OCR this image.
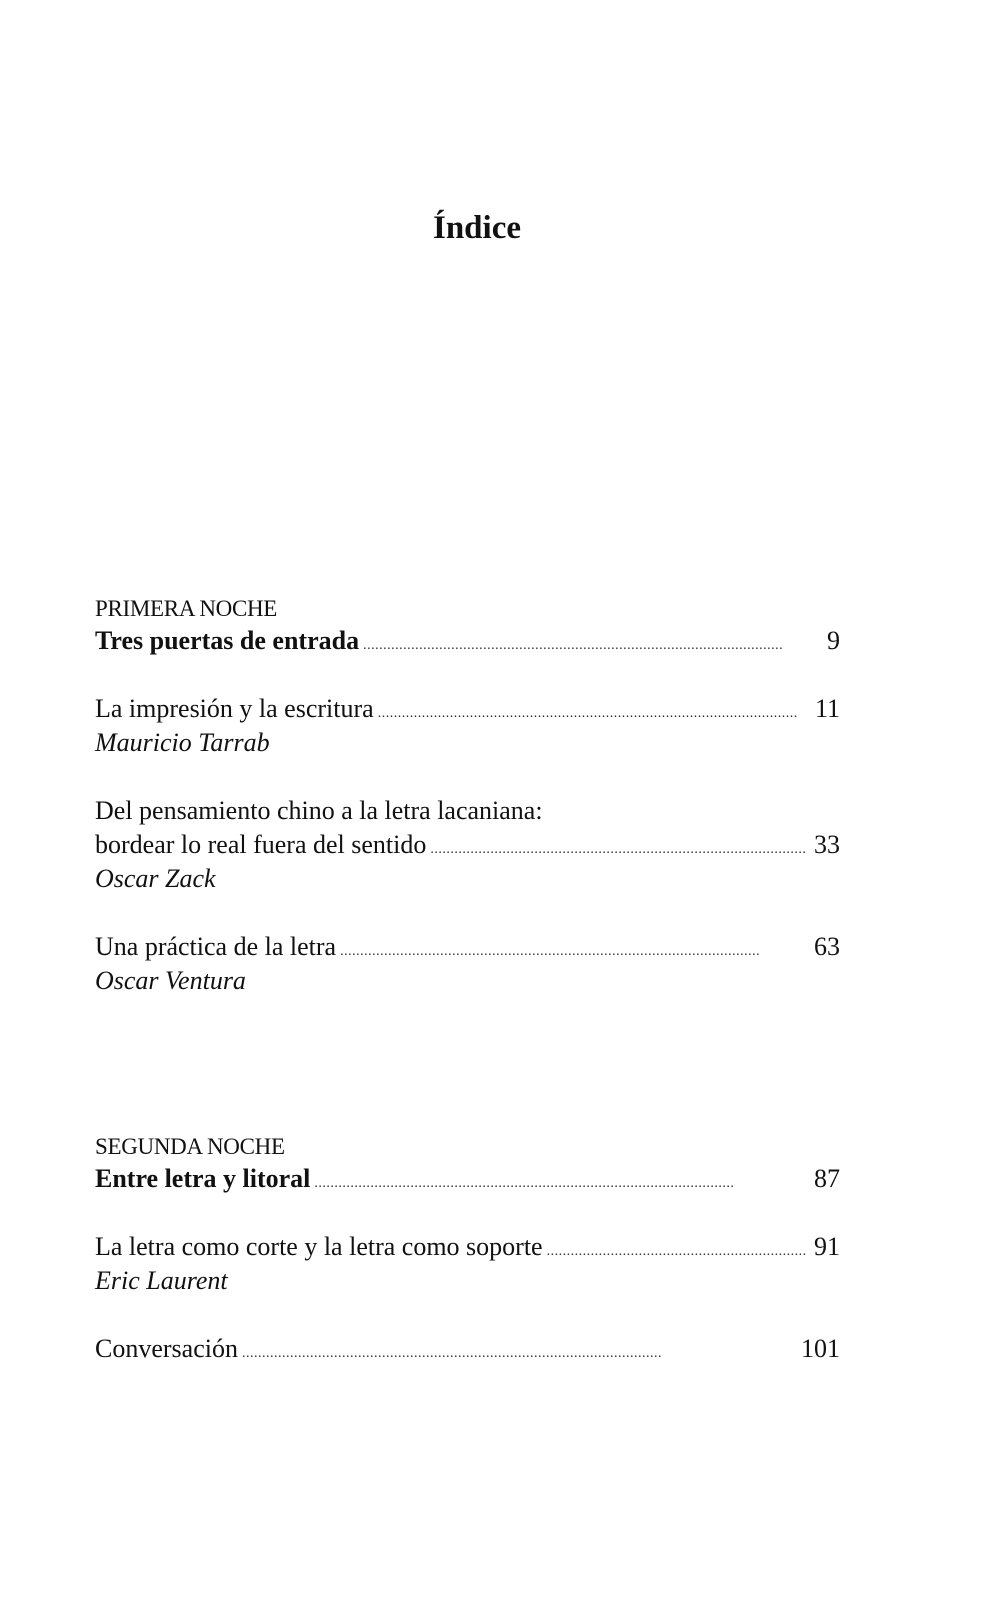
Índice
PRIMERA NOCHE
Tres puertas de entrada . . .	9
La impresión y la escritura . . .	11
Mauricio Tarrab
Del pensamiento chino a la letra lacaniana:
bordear lo real fuera del sentido . . .	33
Oscar Zack
Una práctica de la letra . . .	63
Oscar Ventura
SEGUNDA NOCHE
Entre letra y litoral . . .	87
La letra como corte y la letra como soporte . . .	91
Eric Laurent
Conversación . . .	101
